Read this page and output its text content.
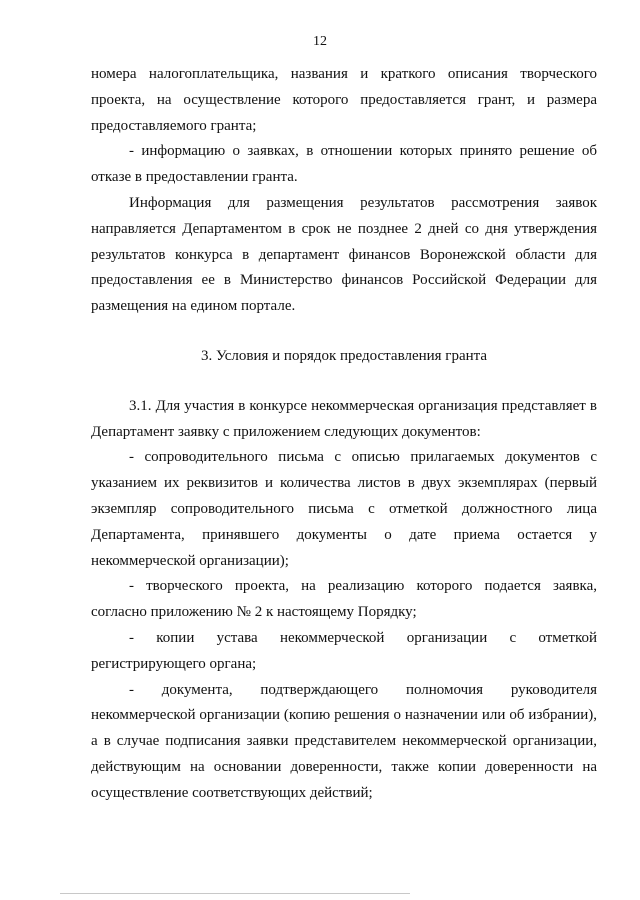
12

номера налогоплательщика, названия и краткого описания творческого проекта, на осуществление которого предоставляется грант, и размера предоставляемого гранта;

- информацию о заявках, в отношении которых принято решение об отказе в предоставлении гранта.

Информация для размещения результатов рассмотрения заявок направляется Департаментом в срок не позднее 2 дней со дня утверждения результатов конкурса в департамент финансов Воронежской области для предоставления ее в Министерство финансов Российской Федерации для размещения на едином портале.

3. Условия и порядок предоставления гранта

3.1. Для участия в конкурсе некоммерческая организация представляет в Департамент заявку с приложением следующих документов:

- сопроводительного письма с описью прилагаемых документов с указанием их реквизитов и количества листов в двух экземплярах (первый экземпляр сопроводительного письма с отметкой должностного лица Департамента, принявшего документы о дате приема остается у некоммерческой организации);

- творческого проекта, на реализацию которого подается заявка, согласно приложению № 2 к настоящему Порядку;

- копии устава некоммерческой организации с отметкой регистрирующего органа;

- документа, подтверждающего полномочия руководителя некоммерческой организации (копию решения о назначении или об избрании), а в случае подписания заявки представителем некоммерческой организации, действующим на основании доверенности, также копии доверенности на осуществление соответствующих действий;
